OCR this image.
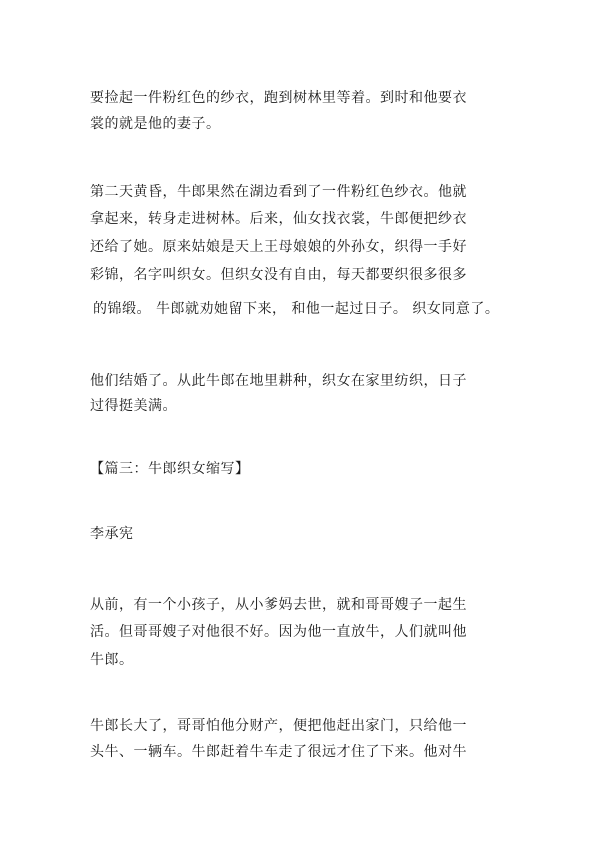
要捡起一件粉红色的纱衣，跑到树林里等着。到时和他要衣
裳的就是他的妻子。
第二天黄昏，牛郎果然在湖边看到了一件粉红色纱衣。他就
拿起来，转身走进树林。后来，仙女找衣裳，牛郎便把纱衣
还给了她。原来姑娘是天上王母娘娘的外孙女，织得一手好
彩锦，名字叫织女。但织女没有自由，每天都要织很多很多
的锦缎。 牛郎就劝她留下来， 和他一起过日子。 织女同意了。
他们结婚了。从此牛郎在地里耕种，织女在家里纺织，日子
过得挺美满。
【篇三：牛郎织女缩写】
李承宪
从前，有一个小孩子，从小爹妈去世，就和哥哥嫂子一起生
活。但哥哥嫂子对他很不好。因为他一直放牛，人们就叫他
牛郎。
牛郎长大了，哥哥怕他分财产，便把他赶出家门，只给他一
头牛、一辆车。牛郎赶着牛车走了很远才住了下来。他对牛
